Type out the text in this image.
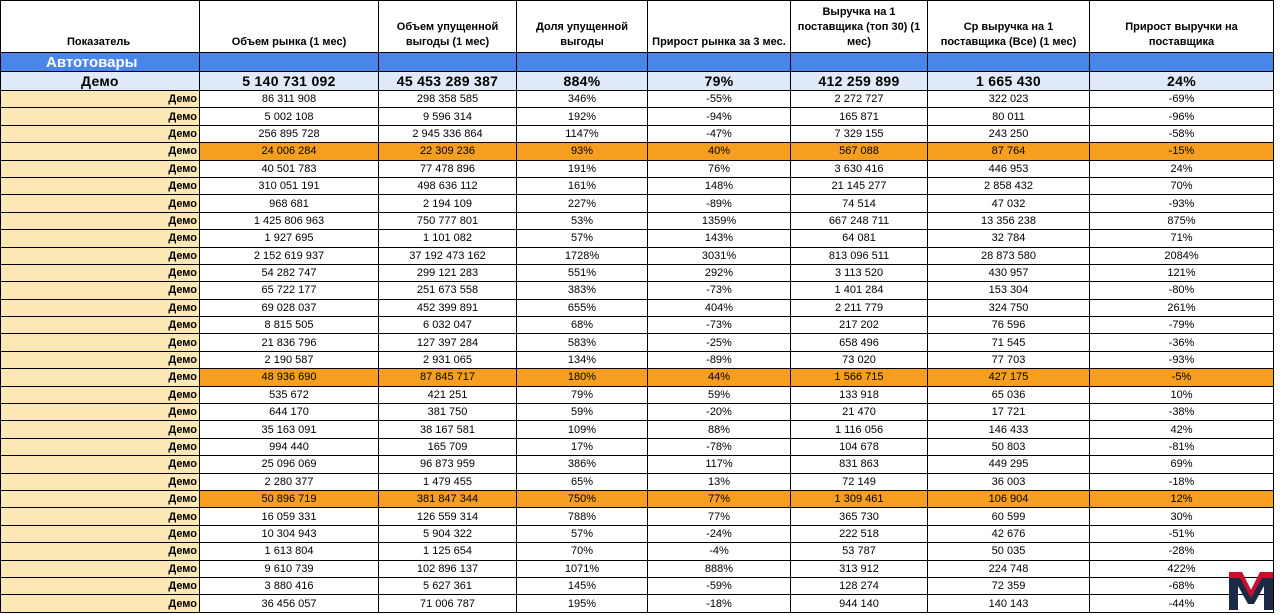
Показатель	Объем рынка (1 мес)	Объем упущенной выгоды (1 мес)	Доля упущенной выгоды	Прирост рынка за 3 мес.	Выручка на 1 поставщика (топ 30) (1 мес)	Ср выручка на 1 поставщика (Все) (1 мес)	Прирост выручки на поставщика
Автотовары							
Демо	5 140 731 092	45 453 289 387	884%	79%	412 259 899	1 665 430	24%
Демо	86 311 908	298 358 585	346%	-55%	2 272 727	322 023	-69%
Демо	5 002 108	9 596 314	192%	-94%	165 871	80 011	-96%
Демо	256 895 728	2 945 336 864	1147%	-47%	7 329 155	243 250	-58%
Демо	24 006 284	22 309 236	93%	40%	567 088	87 764	-15%
Демо	40 501 783	77 478 896	191%	76%	3 630 416	446 953	24%
Демо	310 051 191	498 636 112	161%	148%	21 145 277	2 858 432	70%
Демо	968 681	2 194 109	227%	-89%	74 514	47 032	-93%
Демо	1 425 806 963	750 777 801	53%	1359%	667 248 711	13 356 238	875%
Демо	1 927 695	1 101 082	57%	143%	64 081	32 784	71%
Демо	2 152 619 937	37 192 473 162	1728%	3031%	813 096 511	28 873 580	2084%
Демо	54 282 747	299 121 283	551%	292%	3 113 520	430 957	121%
Демо	65 722 177	251 673 558	383%	-73%	1 401 284	153 304	-80%
Демо	69 028 037	452 399 891	655%	404%	2 211 779	324 750	261%
Демо	8 815 505	6 032 047	68%	-73%	217 202	76 596	-79%
Демо	21 836 796	127 397 284	583%	-25%	658 496	71 545	-36%
Демо	2 190 587	2 931 065	134%	-89%	73 020	77 703	-93%
Демо	48 936 690	87 845 717	180%	44%	1 566 715	427 175	-5%
Демо	535 672	421 251	79%	59%	133 918	65 036	10%
Демо	644 170	381 750	59%	-20%	21 470	17 721	-38%
Демо	35 163 091	38 167 581	109%	88%	1 116 056	146 433	42%
Демо	994 440	165 709	17%	-78%	104 678	50 803	-81%
Демо	25 096 069	96 873 959	386%	117%	831 863	449 295	69%
Демо	2 280 377	1 479 455	65%	13%	72 149	36 003	-18%
Демо	50 896 719	381 847 344	750%	77%	1 309 461	106 904	12%
Демо	16 059 331	126 559 314	788%	77%	365 730	60 599	30%
Демо	10 304 943	5 904 322	57%	-24%	222 518	42 676	-51%
Демо	1 613 804	1 125 654	70%	-4%	53 787	50 035	-28%
Демо	9 610 739	102 896 137	1071%	888%	313 912	224 748	422%
Демо	3 880 416	5 627 361	145%	-59%	128 274	72 359	-68%
Демо	36 456 057	71 006 787	195%	-18%	944 140	140 143	-44%
